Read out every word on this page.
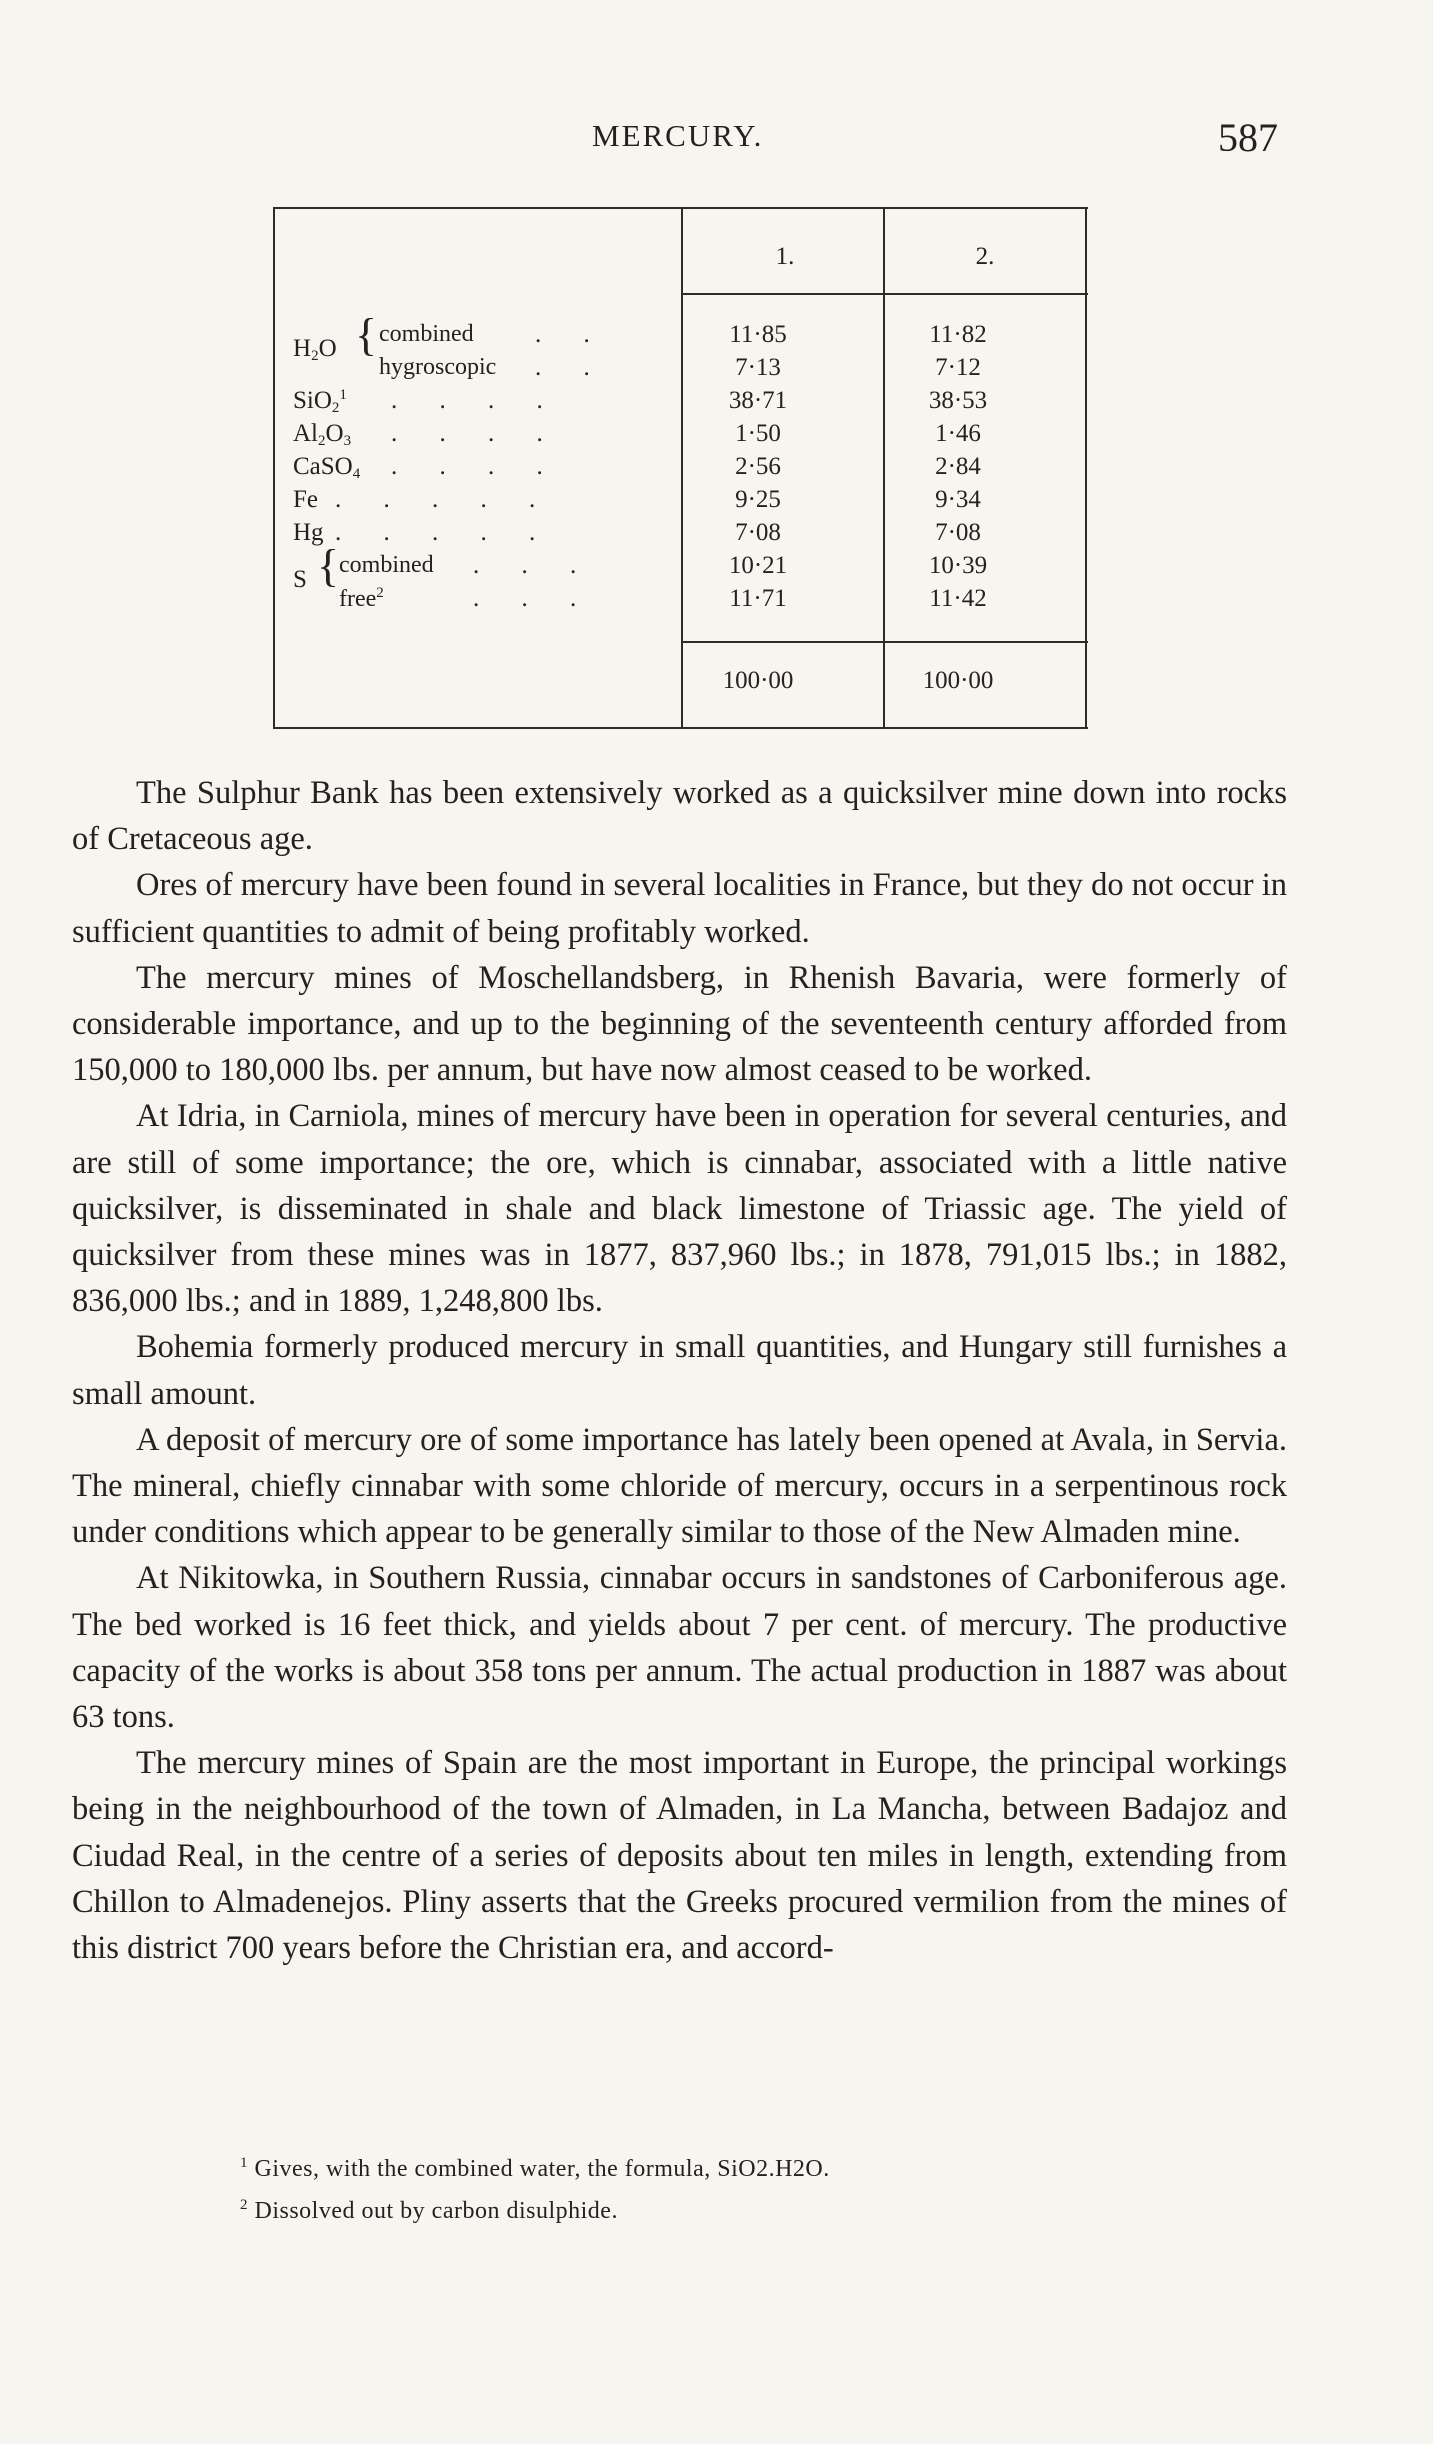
MERCURY.	587
1.	2.
$H_2O$ { combined . .	11·85	11·82
hygroscopic . .	7·13	7·12
SiO$_2^1$ . . . .	38·71	38·53
$Al_2O_3$ . . . .	1·50	1·46
CaSO$_4$ . . . .	2·56	2·84
Fe . . . . .	9·25	9·34
Hg . . . . .	7·08	7·08
S { combined . . .	10·21	10·39
free$^2$	. . .	11·71	11·42
100·00	100·00

The Sulphur Bank has been extensively worked as a quicksilver mine down into rocks of Cretaceous age.

Ores of mercury have been found in several localities in France, but they do not occur in sufficient quantities to admit of being profitably worked.

The mercury mines of Moschellandsberg, in Rhenish Bavaria, were formerly of considerable importance, and up to the beginning of the seventeenth century afforded from 150,000 to 180,000 lbs. per annum, but have now almost ceased to be worked.

At Idria, in Carniola, mines of mercury have been in operation for several centuries, and are still of some importance; the ore, which is cinnabar, associated with a little native quicksilver, is disseminated in shale and black limestone of Triassic age. The yield of quicksilver from these mines was in 1877, 837,960 lbs.; in 1878, 791,015 lbs.; in 1882, 836,000 lbs.; and in 1889, 1,248,800 lbs.

Bohemia formerly produced mercury in small quantities, and Hungary still furnishes a small amount.

A deposit of mercury ore of some importance has lately been opened at Avala, in Servia. The mineral, chiefly cinnabar with some chloride of mercury, occurs in a serpentinous rock under conditions which appear to be generally similar to those of the New Almaden mine.

At Nikitowka, in Southern Russia, cinnabar occurs in sandstones of Carboniferous age. The bed worked is 16 feet thick, and yields about 7 per cent. of mercury. The productive capacity of the works is about 358 tons per annum. The actual production in 1887 was about 63 tons.

The mercury mines of Spain are the most important in Europe, the principal workings being in the neighbourhood of the town of Almaden, in La Mancha, between Badajoz and Ciudad Real, in the centre of a series of deposits about ten miles in length, extending from Chillon to Almadenejos. Pliny asserts that the Greeks procured vermilion from the mines of this district 700 years before the Christian era, and accord-

$^1$ Gives, with the combined water, the formula, SiO2.H2O.
$^2$ Dissolved out by carbon disulphide.
